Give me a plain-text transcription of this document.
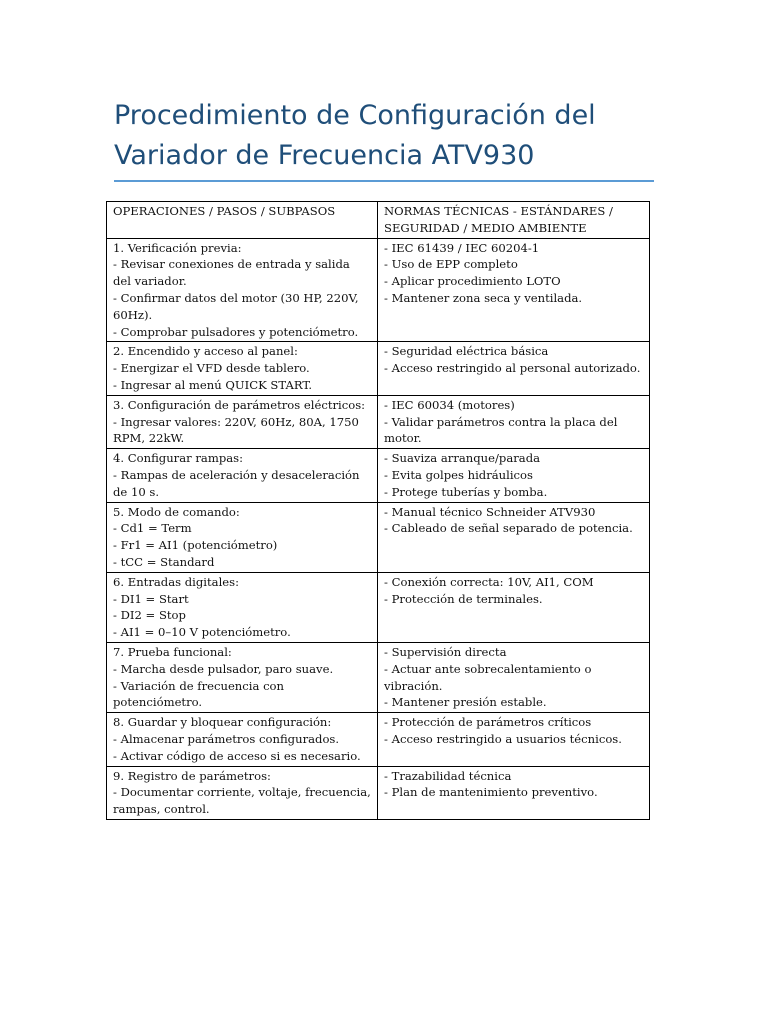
Procedimiento de Configuración del
Variador de Frecuencia ATV930
OPERACIONES / PASOS / SUBPASOS	NORMAS TÉCNICAS - ESTÁNDARES / SEGURIDAD / MEDIO AMBIENTE

1. Verificación previa:
- Revisar conexiones de entrada y salida del variador.
- Confirmar datos del motor (30 HP, 220V, 60Hz).
- Comprobar pulsadores y potenciómetro.	- IEC 61439 / IEC 60204-1
- Uso de EPP completo
- Aplicar procedimiento LOTO
- Mantener zona seca y ventilada.

2. Encendido y acceso al panel:
- Energizar el VFD desde tablero.
- Ingresar al menú QUICK START.	- Seguridad eléctrica básica
- Acceso restringido al personal autorizado.

3. Configuración de parámetros eléctricos:
- Ingresar valores: 220V, 60Hz, 80A, 1750 RPM, 22kW.	- IEC 60034 (motores)
- Validar parámetros contra la placa del motor.

4. Configurar rampas:
- Rampas de aceleración y desaceleración de 10 s.	- Suaviza arranque/parada
- Evita golpes hidráulicos
- Protege tuberías y bomba.

5. Modo de comando:
- Cd1 = Term
- Fr1 = AI1 (potenciómetro)
- tCC = Standard	- Manual técnico Schneider ATV930
- Cableado de señal separado de potencia.

6. Entradas digitales:
- DI1 = Start
- DI2 = Stop
- AI1 = 0–10 V potenciómetro.	- Conexión correcta: 10V, AI1, COM
- Protección de terminales.

7. Prueba funcional:
- Marcha desde pulsador, paro suave.
- Variación de frecuencia con potenciómetro.	- Supervisión directa
- Actuar ante sobrecalentamiento o vibración.
- Mantener presión estable.

8. Guardar y bloquear configuración:
- Almacenar parámetros configurados.
- Activar código de acceso si es necesario.	- Protección de parámetros críticos
- Acceso restringido a usuarios técnicos.

9. Registro de parámetros:
- Documentar corriente, voltaje, frecuencia, rampas, control.	- Trazabilidad técnica
- Plan de mantenimiento preventivo.
